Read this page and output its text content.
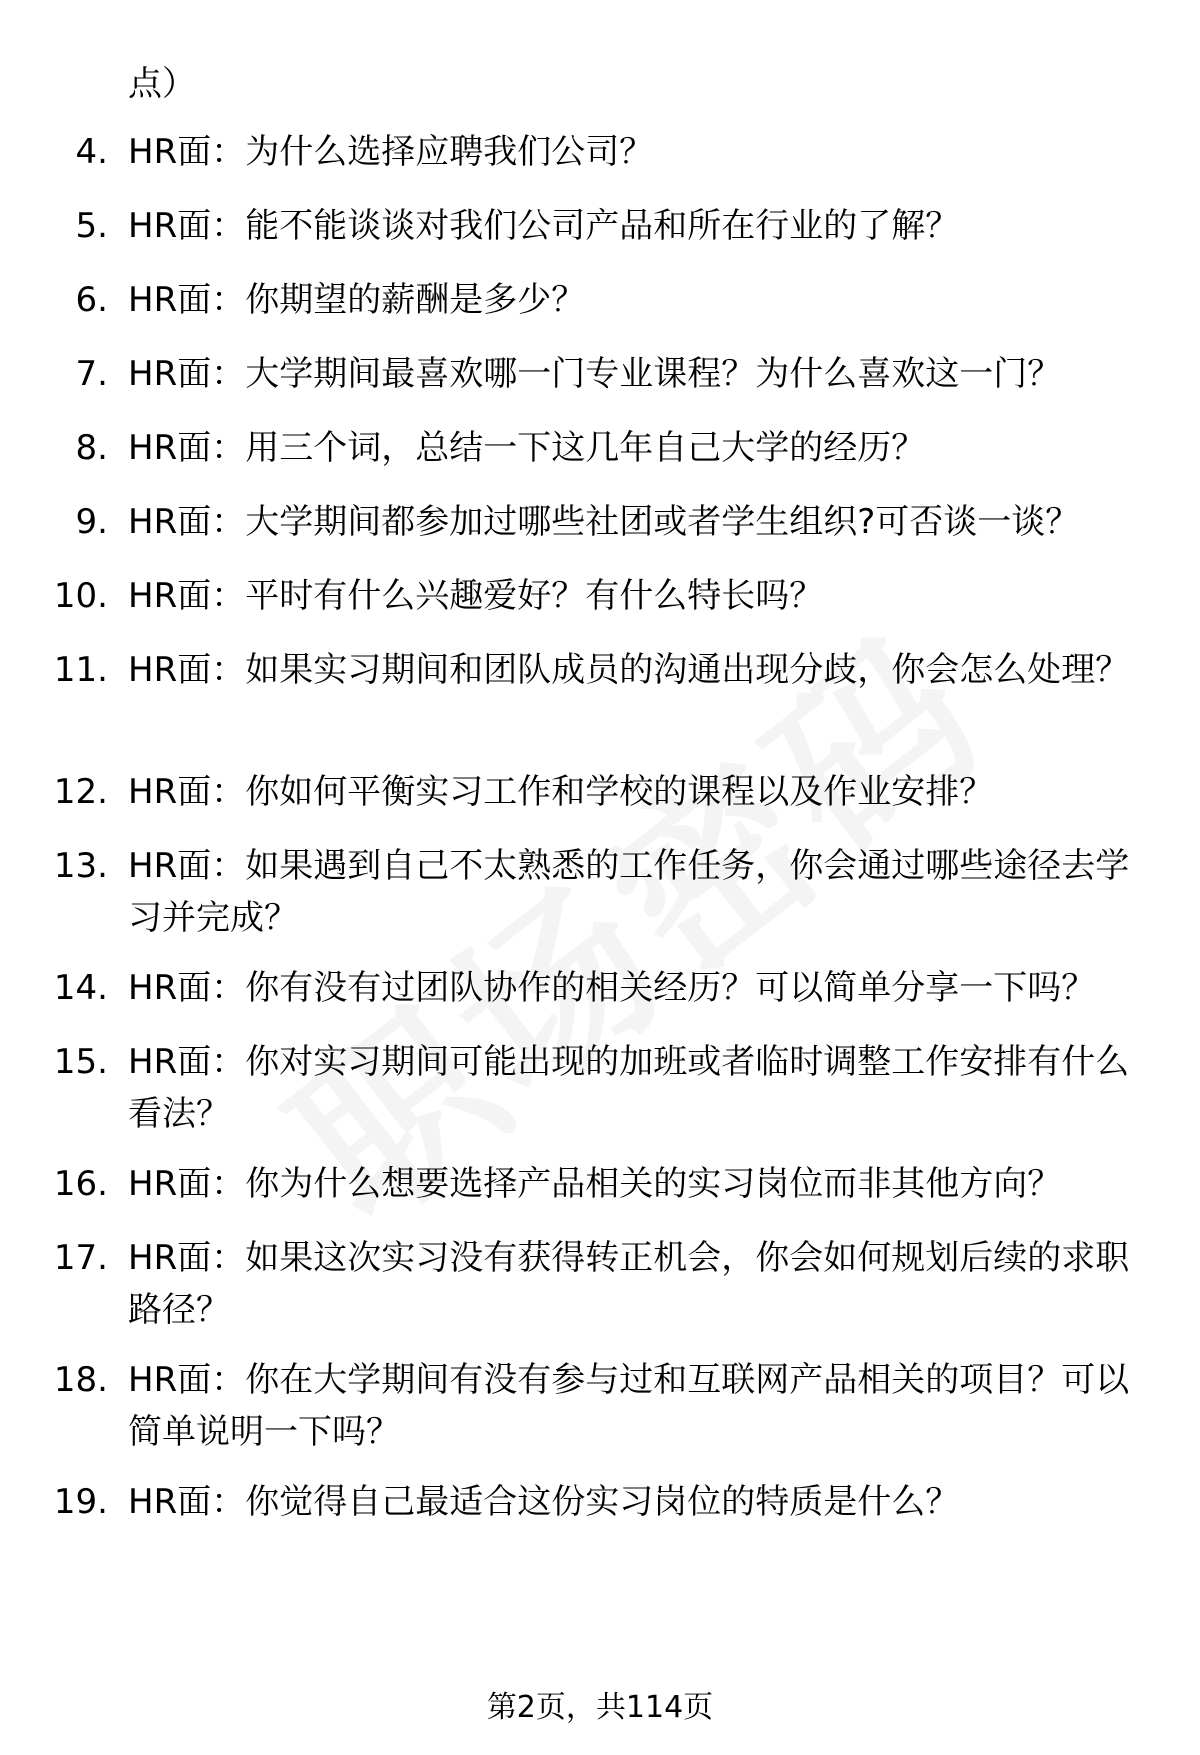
点）

4. HR面：为什么选择应聘我们公司？

5. HR面：能不能谈谈对我们公司产品和所在行业的了解？

6. HR面：你期望的薪酬是多少？

7. HR面：大学期间最喜欢哪一门专业课程？为什么喜欢这一门？

8. HR面：用三个词，总结一下这几年自己大学的经历？

9. HR面：大学期间都参加过哪些社团或者学生组织?可否谈一谈？

10. HR面：平时有什么兴趣爱好？有什么特长吗？

11. HR面：如果实习期间和团队成员的沟通出现分歧，你会怎么处理？

12. HR面：你如何平衡实习工作和学校的课程以及作业安排？

13. HR面：如果遇到自己不太熟悉的工作任务，你会通过哪些途径去学习并完成？

14. HR面：你有没有过团队协作的相关经历？可以简单分享一下吗？

15. HR面：你对实习期间可能出现的加班或者临时调整工作安排有什么看法？

16. HR面：你为什么想要选择产品相关的实习岗位而非其他方向？

17. HR面：如果这次实习没有获得转正机会，你会如何规划后续的求职路径？

18. HR面：你在大学期间有没有参与过和互联网产品相关的项目？可以简单说明一下吗？

19. HR面：你觉得自己最适合这份实习岗位的特质是什么？

第2页，共114页
